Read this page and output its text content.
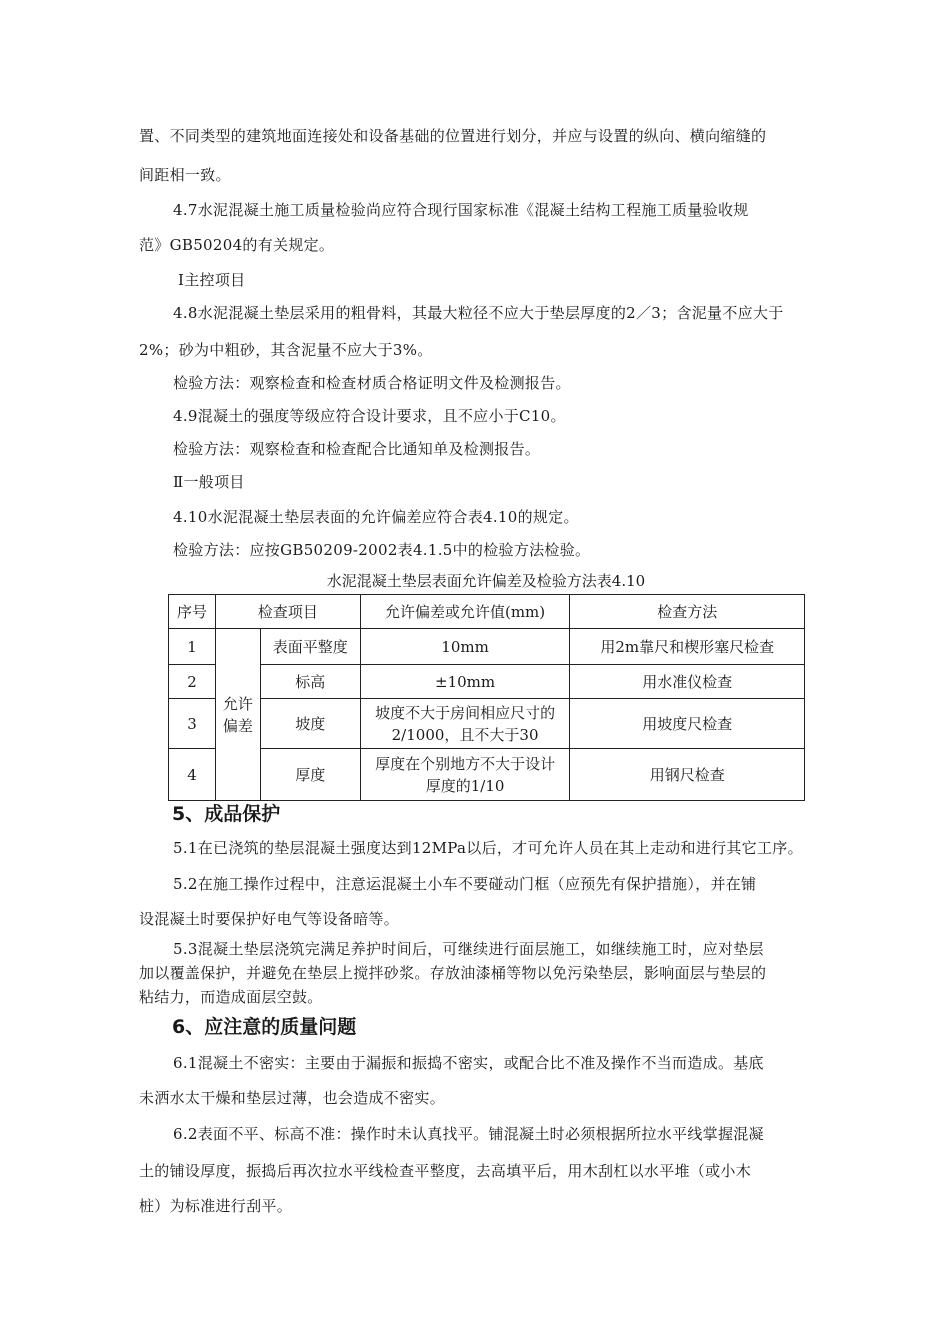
置、不同类型的建筑地面连接处和设备基础的位置进行划分，并应与设置的纵向、横向缩缝的
间距相一致。
4.7水泥混凝土施工质量检验尚应符合现行国家标准《混凝土结构工程施工质量验收规
范》GB50204的有关规定。
Ⅰ主控项目
4.8水泥混凝土垫层采用的粗骨料，其最大粒径不应大于垫层厚度的2／3；含泥量不应大于
2%；砂为中粗砂，其含泥量不应大于3%。
检验方法：观察检查和检查材质合格证明文件及检测报告。
4.9混凝土的强度等级应符合设计要求，且不应小于C10。
检验方法：观察检查和检查配合比通知单及检测报告。
Ⅱ一般项目
4.10水泥混凝土垫层表面的允许偏差应符合表4.10的规定。
检验方法：应按GB50209-2002表4.1.5中的检验方法检验。
水泥混凝土垫层表面允许偏差及检验方法表4.10
序号	检查项目		允许偏差或允许值(mm)	检查方法
1	允许
偏差	表面平整度	10mm	用2m靠尺和楔形塞尺检查
2		标高	±10mm	用水准仪检查
3		坡度	坡度不大于房间相应尺寸的
2/1000，且不大于30	用坡度尺检查
4		厚度	厚度在个别地方不大于设计
厚度的1/10	用钢尺检查
5、成品保护
5.1在已浇筑的垫层混凝土强度达到12MPa以后，才可允许人员在其上走动和进行其它工序。
5.2在施工操作过程中，注意运混凝土小车不要碰动门框（应预先有保护措施），并在铺
设混凝土时要保护好电气等设备暗等。
5.3混凝土垫层浇筑完满足养护时间后，可继续进行面层施工，如继续施工时，应对垫层
加以覆盖保护，并避免在垫层上搅拌砂浆。存放油漆桶等物以免污染垫层，影响面层与垫层的
粘结力，而造成面层空鼓。
6、应注意的质量问题
6.1混凝土不密实：主要由于漏振和振捣不密实，或配合比不准及操作不当而造成。基底
未洒水太干燥和垫层过薄，也会造成不密实。
6.2表面不平、标高不准：操作时未认真找平。铺混凝土时必须根据所拉水平线掌握混凝
土的铺设厚度，振捣后再次拉水平线检查平整度，去高填平后，用木刮杠以水平堆（或小木
桩）为标准进行刮平。
